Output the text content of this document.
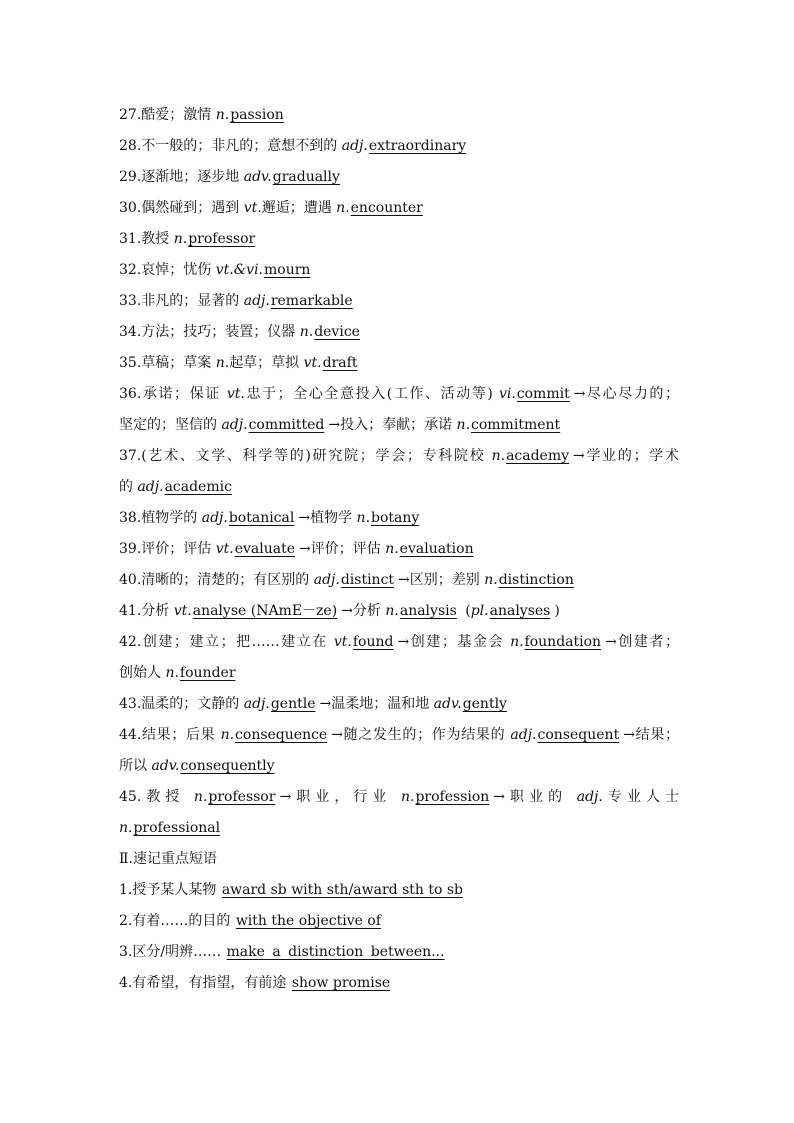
27.酷爱；激情 n.passion
28.不一般的；非凡的；意想不到的 adj.extraordinary
29.逐渐地；逐步地 adv.gradually
30.偶然碰到；遇到 vt.邂逅；遭遇 n.encounter
31.教授 n.professor
32.哀悼；忧伤 vt.&vi.mourn
33.非凡的；显著的 adj.remarkable
34.方法；技巧；装置；仪器 n.device
35.草稿；草案 n.起草；草拟 vt.draft
36.承诺；保证 vt.忠于；全心全意投入(工作、活动等) vi.commit →尽心尽力的；
坚定的；坚信的 adj.committed →投入；奉献；承诺 n.commitment
37.(艺术、文学、科学等的)研究院；学会；专科院校 n.academy →学业的；学术
的 adj.academic
38.植物学的 adj.botanical →植物学 n.botany
39.评价；评估 vt.evaluate →评价；评估 n.evaluation
40.清晰的；清楚的；有区别的 adj.distinct →区别；差别 n.distinction
41.分析 vt.analyse (NAmE－ze) →分析 n.analysis (pl.analyses )
42.创建；建立；把……建立在 vt.found →创建；基金会 n.foundation →创建者；
创始人 n.founder
43.温柔的；文静的 adj.gentle →温柔地；温和地 adv.gently
44.结果；后果 n.consequence →随之发生的；作为结果的 adj.consequent →结果；
所以 adv.consequently
45.教授 n.professor →职业，行业 n.profession →职业的 adj.专业人士
n.professional
Ⅱ.速记重点短语
1.授予某人某物 award sb with sth/award sth to sb
2.有着……的目的 with the objective of
3.区分/明辨…… make a distinction between...
4.有希望，有指望，有前途 show promise
